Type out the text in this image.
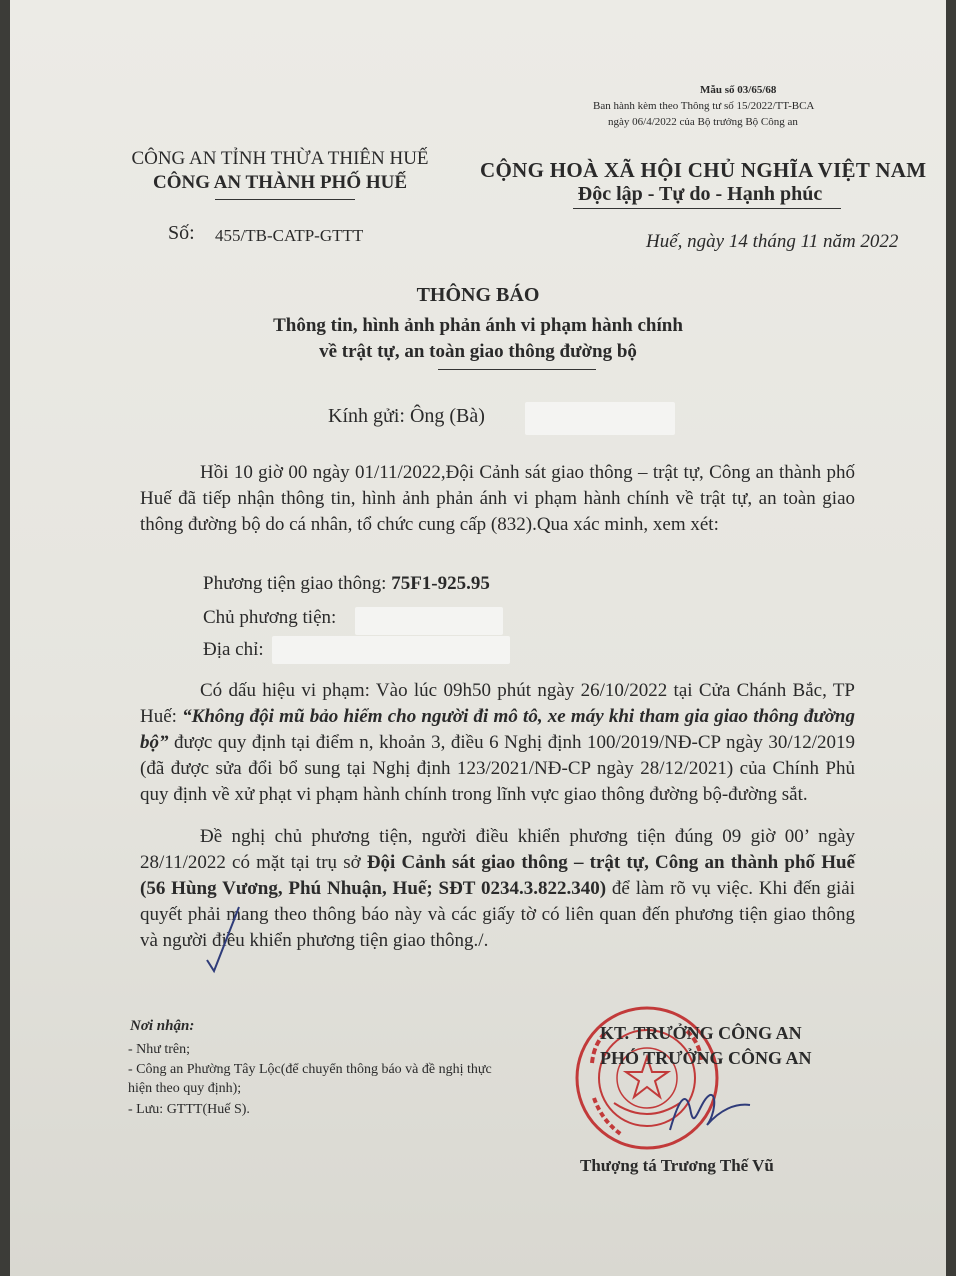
Mẫu số 03/65/68
Ban hành kèm theo Thông tư số 15/2022/TT-BCA
ngày 06/4/2022 của Bộ trưởng Bộ Công an
CÔNG AN TỈNH THỪA THIÊN HUẾ
CÔNG AN THÀNH PHỐ HUẾ
CỘNG HOÀ XÃ HỘI CHỦ NGHĨA VIỆT NAM
Độc lập - Tự do - Hạnh phúc
Số: 455/TB-CATP-GTTT	Huế, ngày 14 tháng 11 năm 2022
THÔNG BÁO
Thông tin, hình ảnh phản ánh vi phạm hành chính
về trật tự, an toàn giao thông đường bộ
Kính gửi: Ông (Bà)
Hồi 10 giờ 00 ngày 01/11/2022,Đội Cảnh sát giao thông – trật tự, Công an thành phố Huế đã tiếp nhận thông tin, hình ảnh phản ánh vi phạm hành chính về trật tự, an toàn giao thông đường bộ do cá nhân, tổ chức cung cấp (832).Qua xác minh, xem xét:
Phương tiện giao thông: 75F1-925.95
Chủ phương tiện:
Địa chỉ:
Có dấu hiệu vi phạm: Vào lúc 09h50 phút ngày 26/10/2022 tại Cửa Chánh Bắc, TP Huế: “Không đội mũ bảo hiểm cho người đi mô tô, xe máy khi tham gia giao thông đường bộ” được quy định tại điểm n, khoản 3, điều 6 Nghị định 100/2019/NĐ-CP ngày 30/12/2019 (đã được sửa đổi bổ sung tại Nghị định 123/2021/NĐ-CP ngày 28/12/2021) của Chính Phủ quy định về xử phạt vi phạm hành chính trong lĩnh vực giao thông đường bộ-đường sắt.
Đề nghị chủ phương tiện, người điều khiển phương tiện đúng 09 giờ 00’ ngày 28/11/2022 có mặt tại trụ sở Đội Cảnh sát giao thông – trật tự, Công an thành phố Huế (56 Hùng Vương, Phú Nhuận, Huế; SĐT 0234.3.822.340) để làm rõ vụ việc. Khi đến giải quyết phải mang theo thông báo này và các giấy tờ có liên quan đến phương tiện giao thông và người điều khiển phương tiện giao thông./.
Nơi nhận:
- Như trên;
- Công an Phường Tây Lộc(để chuyển thông báo và đề nghị thực hiện theo quy định);
- Lưu: GTTT(Huế S).
KT. TRƯỞNG CÔNG AN
PHÓ TRƯỞNG CÔNG AN
Thượng tá Trương Thế Vũ
